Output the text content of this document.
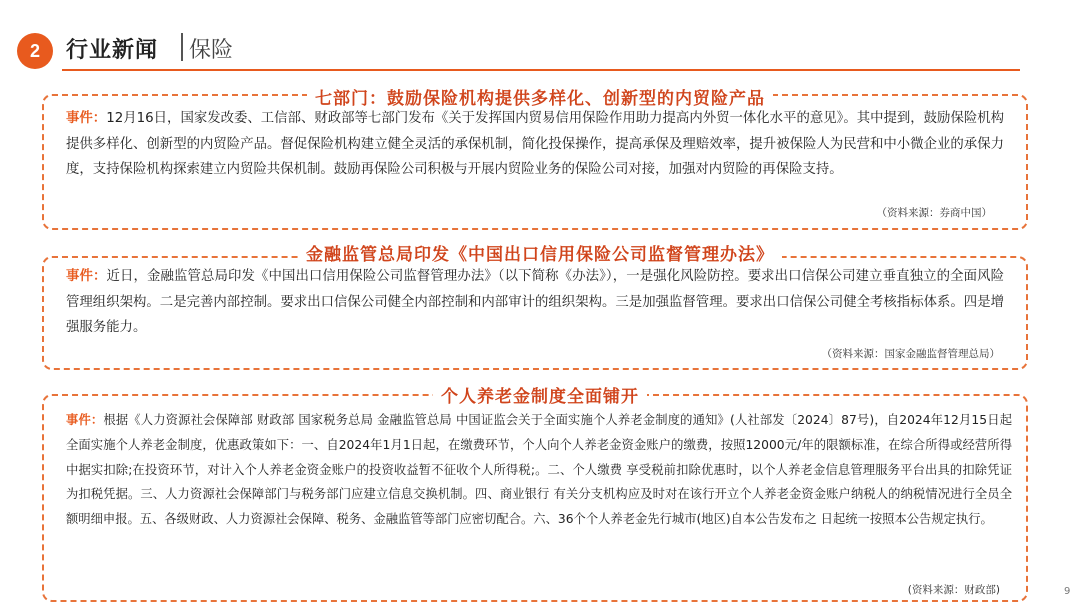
2	行业新闻 保险
七部门：鼓励保险机构提供多样化、创新型的内贸险产品
事件：12月16日，国家发改委、工信部、财政部等七部门发布《关于发挥国内贸易信用保险作用助力提高内外贸一体化水平的意见》。其中提到，鼓励保险机构提供多样化、创新型的内贸险产品。督促保险机构建立健全灵活的承保机制，简化投保操作，提高承保及理赔效率，提升被保险人为民营和中小微企业的承保力度，支持保险机构探索建立内贸险共保机制。鼓励再保险公司积极与开展内贸险业务的保险公司对接，加强对内贸险的再保险支持。
（资料来源：券商中国）
金融监管总局印发《中国出口信用保险公司监督管理办法》
事件：近日，金融监管总局印发《中国出口信用保险公司监督管理办法》（以下简称《办法》），一是强化风险防控。要求出口信保公司建立垂直独立的全面风险管理组织架构。二是完善内部控制。要求出口信保公司健全内部控制和内部审计的组织架构。三是加强监督管理。要求出口信保公司健全考核指标体系。四是增强服务能力。
（资料来源：国家金融监督管理总局）
个人养老金制度全面铺开
事件：根据《人力资源社会保障部 财政部 国家税务总局 金融监管总局 中国证监会关于全面实施个人养老金制度的通知》(人社部发〔2024〕87号)，自2024年12月15日起全面实施个人养老金制度，优惠政策如下：一、自2024年1月1日起，在缴费环节，个人向个人养老金资金账户的缴费，按照12000元/年的限额标准，在综合所得或经营所得中据实扣除;在投资环节，对计入个人养老金资金账户的投资收益暂不征收个人所得税;。二、个人缴费 享受税前扣除优惠时，以个人养老金信息管理服务平台出具的扣除凭证为扣税凭据。三、人力资源社会保障部门与税务部门应建立信息交换机制。四、商业银行 有关分支机构应及时对在该行开立个人养老金资金账户纳税人的纳税情况进行全员全额明细申报。五、各级财政、人力资源社会保障、税务、金融监管等部门应密切配合。六、36个个人养老金先行城市(地区)自本公告发布之 日起统一按照本公告规定执行。
(资料来源：财政部)	9
